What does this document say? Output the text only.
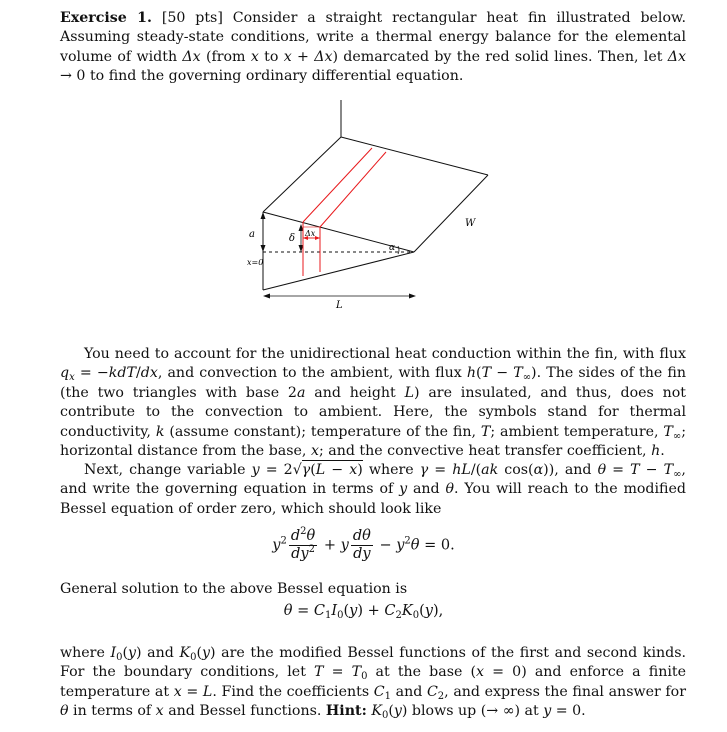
Exercise 1. [50 pts] Consider a straight rectangular heat fin illustrated below. Assuming steady-state conditions, write a thermal energy balance for the elemental volume of width Δx (from x to x + Δx) demarcated by the red solid lines. Then, let Δx → 0 to find the governing ordinary differential equation.

a	δ Δx
α
x=0
W
L

You need to account for the unidirectional heat conduction within the fin, with flux $q_x = -kdT/dx$, and convection to the ambient, with flux $h(T - T_\infty)$. The sides of the fin (the two triangles with base 2a and height L) are insulated, and thus, does not contribute to the convection to ambient. Here, the symbols stand for thermal conductivity, k (assume constant); temperature of the fin, T; ambient temperature, $T_\infty$; horizontal distance from the base, x; and the convective heat transfer coefficient, h.

Next, change variable y = 2√γ(L − x) where γ = hL/(ak cos(α)), and $\theta = T - T_\infty$, and write the governing equation in terms of y and θ. You will reach to the modified Bessel equation of order zero, which should look like

$y^2 \frac{d^2\theta}{dy^2} + y \frac{d\theta}{dy} - y^2\theta = 0$.

General solution to the above Bessel equation is

$\theta = C_1I_0(y) + C_2K_0(y)$,

where $I_0(y)$ and $K_0(y)$ are the modified Bessel functions of the first and second kinds. For the boundary conditions, let $T = T_0$ at the base (x = 0) and enforce a finite temperature at x = L. Find the coefficients $C_1$ and $C_2$, and express the final answer for θ in terms of x and Bessel functions. Hint: $K_0(y)$ blows up (→ ∞) at y = 0.
